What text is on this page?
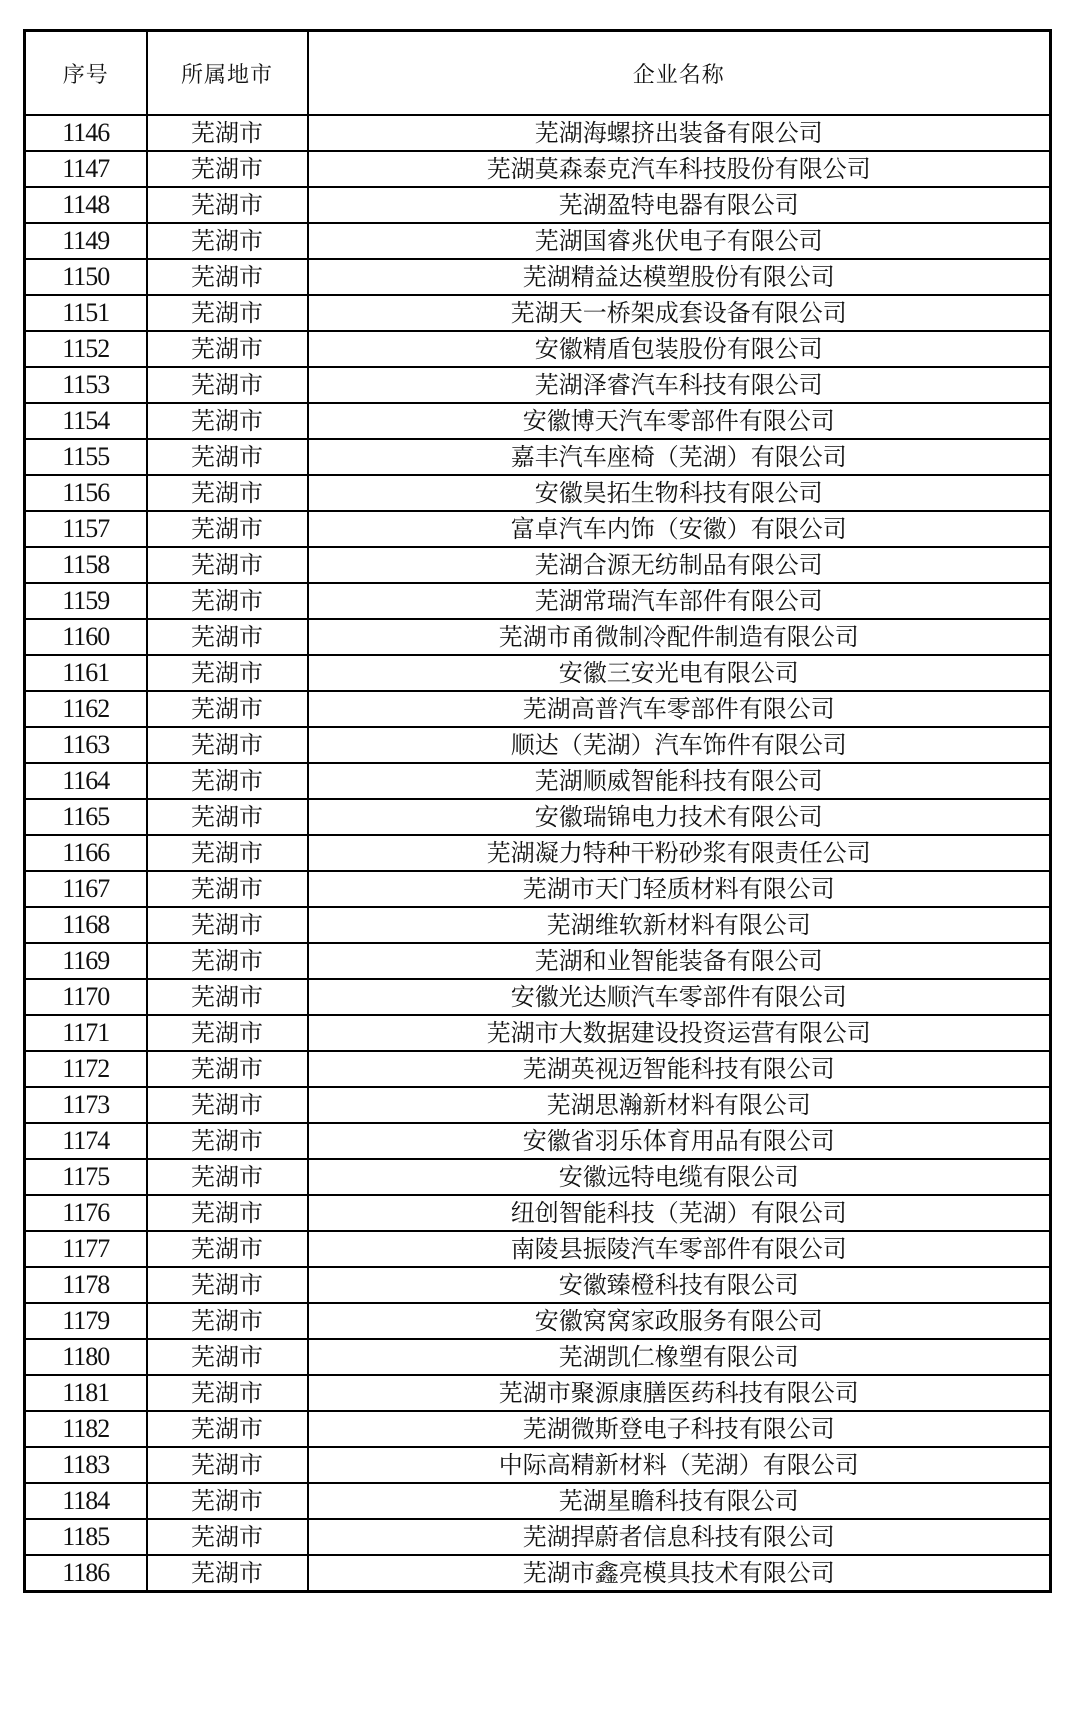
序号	所属地市	企业名称
1146	芜湖市	芜湖海螺挤出装备有限公司
1147	芜湖市	芜湖莫森泰克汽车科技股份有限公司
1148	芜湖市	芜湖盈特电器有限公司
1149	芜湖市	芜湖国睿兆伏电子有限公司
1150	芜湖市	芜湖精益达模塑股份有限公司
1151	芜湖市	芜湖天一桥架成套设备有限公司
1152	芜湖市	安徽精盾包装股份有限公司
1153	芜湖市	芜湖泽睿汽车科技有限公司
1154	芜湖市	安徽博天汽车零部件有限公司
1155	芜湖市	嘉丰汽车座椅（芜湖）有限公司
1156	芜湖市	安徽昊拓生物科技有限公司
1157	芜湖市	富卓汽车内饰（安徽）有限公司
1158	芜湖市	芜湖合源无纺制品有限公司
1159	芜湖市	芜湖常瑞汽车部件有限公司
1160	芜湖市	芜湖市甬微制冷配件制造有限公司
1161	芜湖市	安徽三安光电有限公司
1162	芜湖市	芜湖高普汽车零部件有限公司
1163	芜湖市	顺达（芜湖）汽车饰件有限公司
1164	芜湖市	芜湖顺威智能科技有限公司
1165	芜湖市	安徽瑞锦电力技术有限公司
1166	芜湖市	芜湖凝力特种干粉砂浆有限责任公司
1167	芜湖市	芜湖市天门轻质材料有限公司
1168	芜湖市	芜湖维软新材料有限公司
1169	芜湖市	芜湖和业智能装备有限公司
1170	芜湖市	安徽光达顺汽车零部件有限公司
1171	芜湖市	芜湖市大数据建设投资运营有限公司
1172	芜湖市	芜湖英视迈智能科技有限公司
1173	芜湖市	芜湖思瀚新材料有限公司
1174	芜湖市	安徽省羽乐体育用品有限公司
1175	芜湖市	安徽远特电缆有限公司
1176	芜湖市	纽创智能科技（芜湖）有限公司
1177	芜湖市	南陵县振陵汽车零部件有限公司
1178	芜湖市	安徽臻橙科技有限公司
1179	芜湖市	安徽窝窝家政服务有限公司
1180	芜湖市	芜湖凯仁橡塑有限公司
1181	芜湖市	芜湖市聚源康膳医药科技有限公司
1182	芜湖市	芜湖微斯登电子科技有限公司
1183	芜湖市	中际高精新材料（芜湖）有限公司
1184	芜湖市	芜湖星瞻科技有限公司
1185	芜湖市	芜湖捍蔚者信息科技有限公司
1186	芜湖市	芜湖市鑫亮模具技术有限公司
